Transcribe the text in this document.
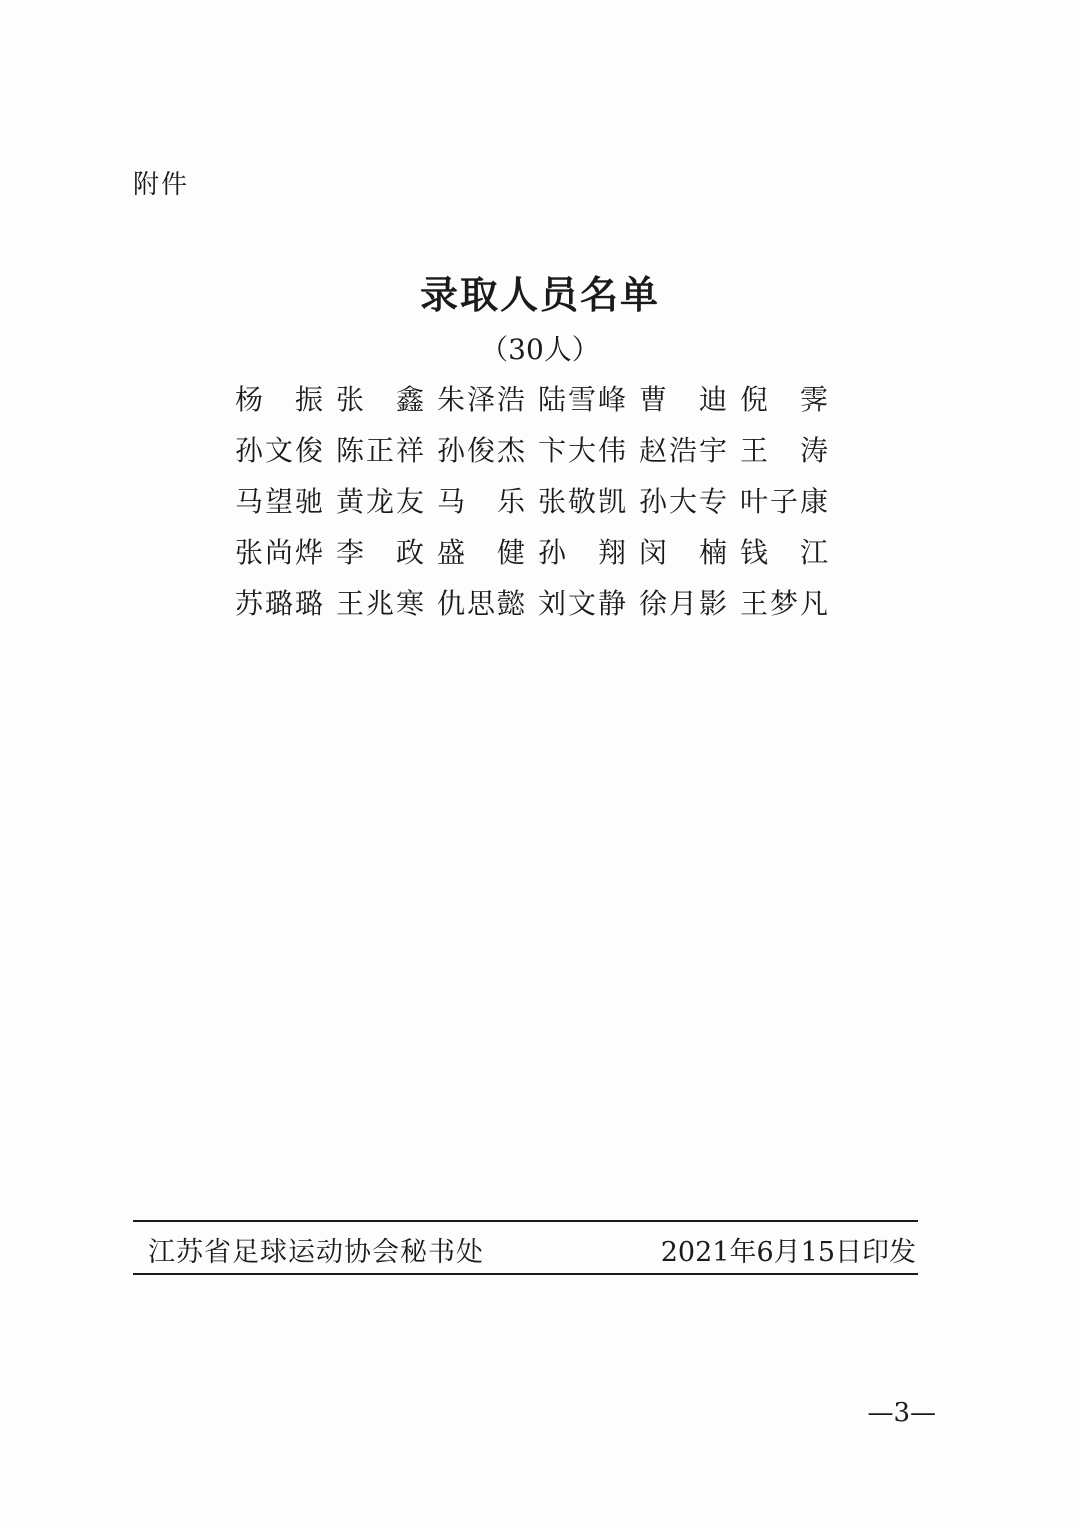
附件
录取人员名单
（30人）
杨 振 张 鑫 朱 泽 浩 陆 雪 峰 曹 迪 倪 霁
孙 文 俊 陈 正 祥 孙 俊 杰 卞 大 伟 赵 浩 宇 王 涛
马 望 驰 黄 龙 友 马 乐 张 敬 凯 孙 大 专 叶 子 康
张 尚 烨 李 政 盛 健 孙 翔 闵 楠 钱 江
苏 璐 璐 王 兆 寒 仇 思 懿 刘 文 静 徐 月 影 王 梦 凡
江苏省足球运动协会秘书处	2021年6月15日印发
—3—
